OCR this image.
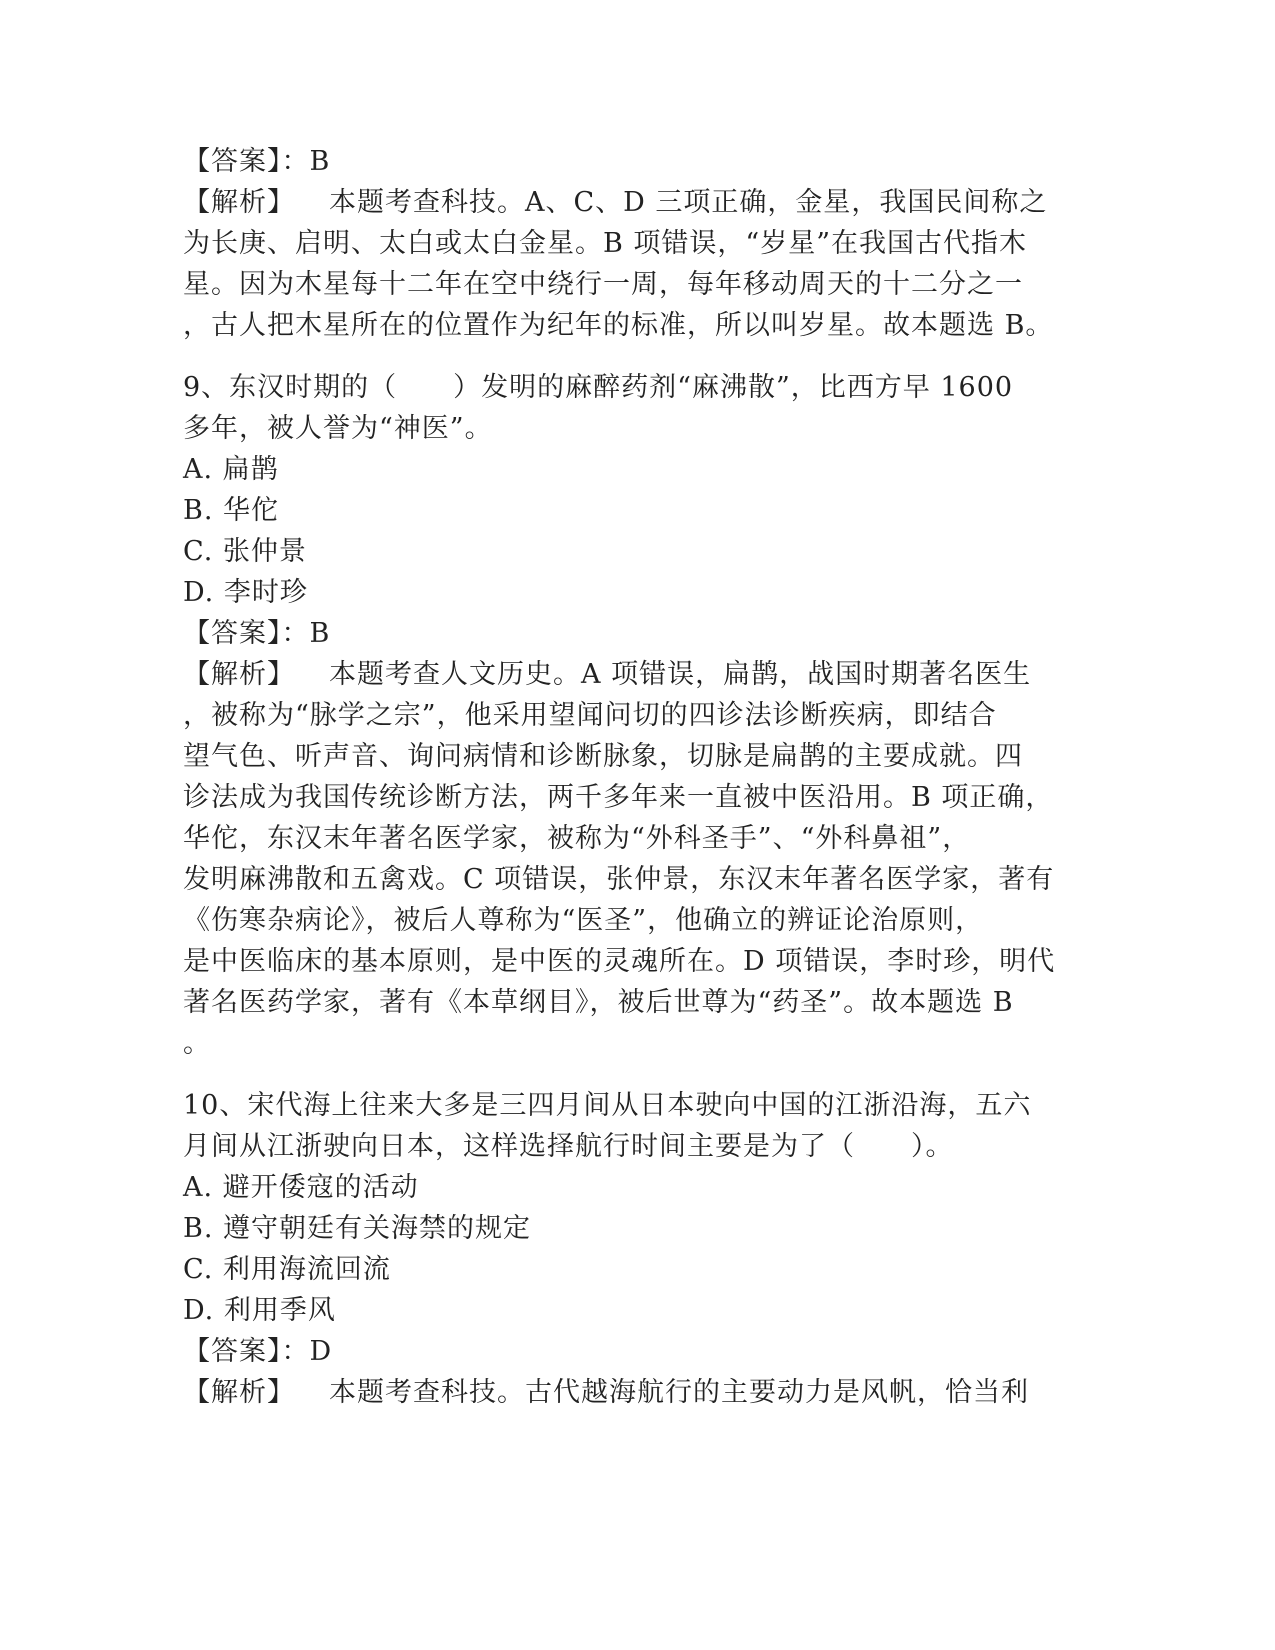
【答案】：B
【解析】 本题考查科技。A、C、D 三项正确，金星，我国民间称之
为长庚、启明、太白或太白金星。B 项错误，“岁星”在我国古代指木
星。因为木星每十二年在空中绕行一周，每年移动周天的十二分之一
，古人把木星所在的位置作为纪年的标准，所以叫岁星。故本题选 B。
9、东汉时期的（　　）发明的麻醉药剂“麻沸散”，比西方早 1600
多年，被人誉为“神医”。
A. 扁鹊
B. 华佗
C. 张仲景
D. 李时珍
【答案】：B
【解析】 本题考查人文历史。A 项错误，扁鹊，战国时期著名医生
，被称为“脉学之宗”，他采用望闻问切的四诊法诊断疾病，即结合
望气色、听声音、询问病情和诊断脉象，切脉是扁鹊的主要成就。四
诊法成为我国传统诊断方法，两千多年来一直被中医沿用。B 项正确，
华佗，东汉末年著名医学家，被称为“外科圣手”、“外科鼻祖”，
发明麻沸散和五禽戏。C 项错误，张仲景，东汉末年著名医学家，著有
《伤寒杂病论》，被后人尊称为“医圣”，他确立的辨证论治原则，
是中医临床的基本原则，是中医的灵魂所在。D 项错误，李时珍，明代
著名医药学家，著有《本草纲目》，被后世尊为“药圣”。故本题选 B
。
10、宋代海上往来大多是三四月间从日本驶向中国的江浙沿海，五六
月间从江浙驶向日本，这样选择航行时间主要是为了（　　）。
A. 避开倭寇的活动
B. 遵守朝廷有关海禁的规定
C. 利用海流回流
D. 利用季风
【答案】：D
【解析】 本题考查科技。古代越海航行的主要动力是风帆，恰当利
